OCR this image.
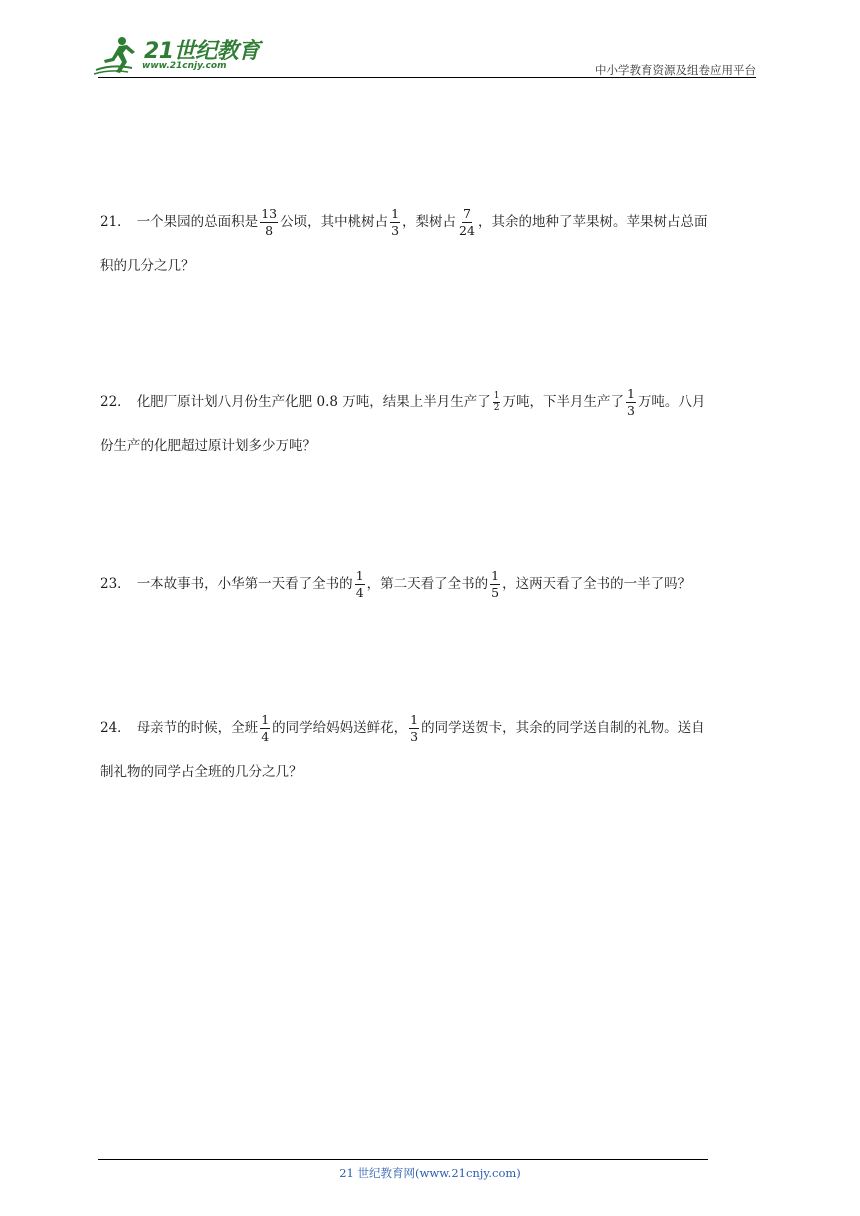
21世纪教育
www.21cnjy.com	中小学教育资源及组卷应用平台
21． 一个果园的总面积是 $\frac{13}{8}$ 公顷，其中桃树占 $\frac{1}{3}$ ，梨树占 $\frac{7}{24}$ ，其余的地种了苹果树。苹果树占总面
积的几分之几？
22． 化肥厂原计划八月份生产化肥 0.8 万吨，结果上半月生产了 $\frac{1}{2}$ 万吨，下半月生产了 $\frac{1}{3}$ 万吨。八月
份生产的化肥超过原计划多少万吨？
23． 一本故事书，小华第一天看了全书的 $\frac{1}{4}$ ，第二天看了全书的 $\frac{1}{5}$ ，这两天看了全书的一半了吗？
24． 母亲节的时候，全班 $\frac{1}{4}$ 的同学给妈妈送鲜花， $\frac{1}{3}$ 的同学送贺卡，其余的同学送自制的礼物。送自
制礼物的同学占全班的几分之几？
21 世纪教育网(www.21cnjy.com)
